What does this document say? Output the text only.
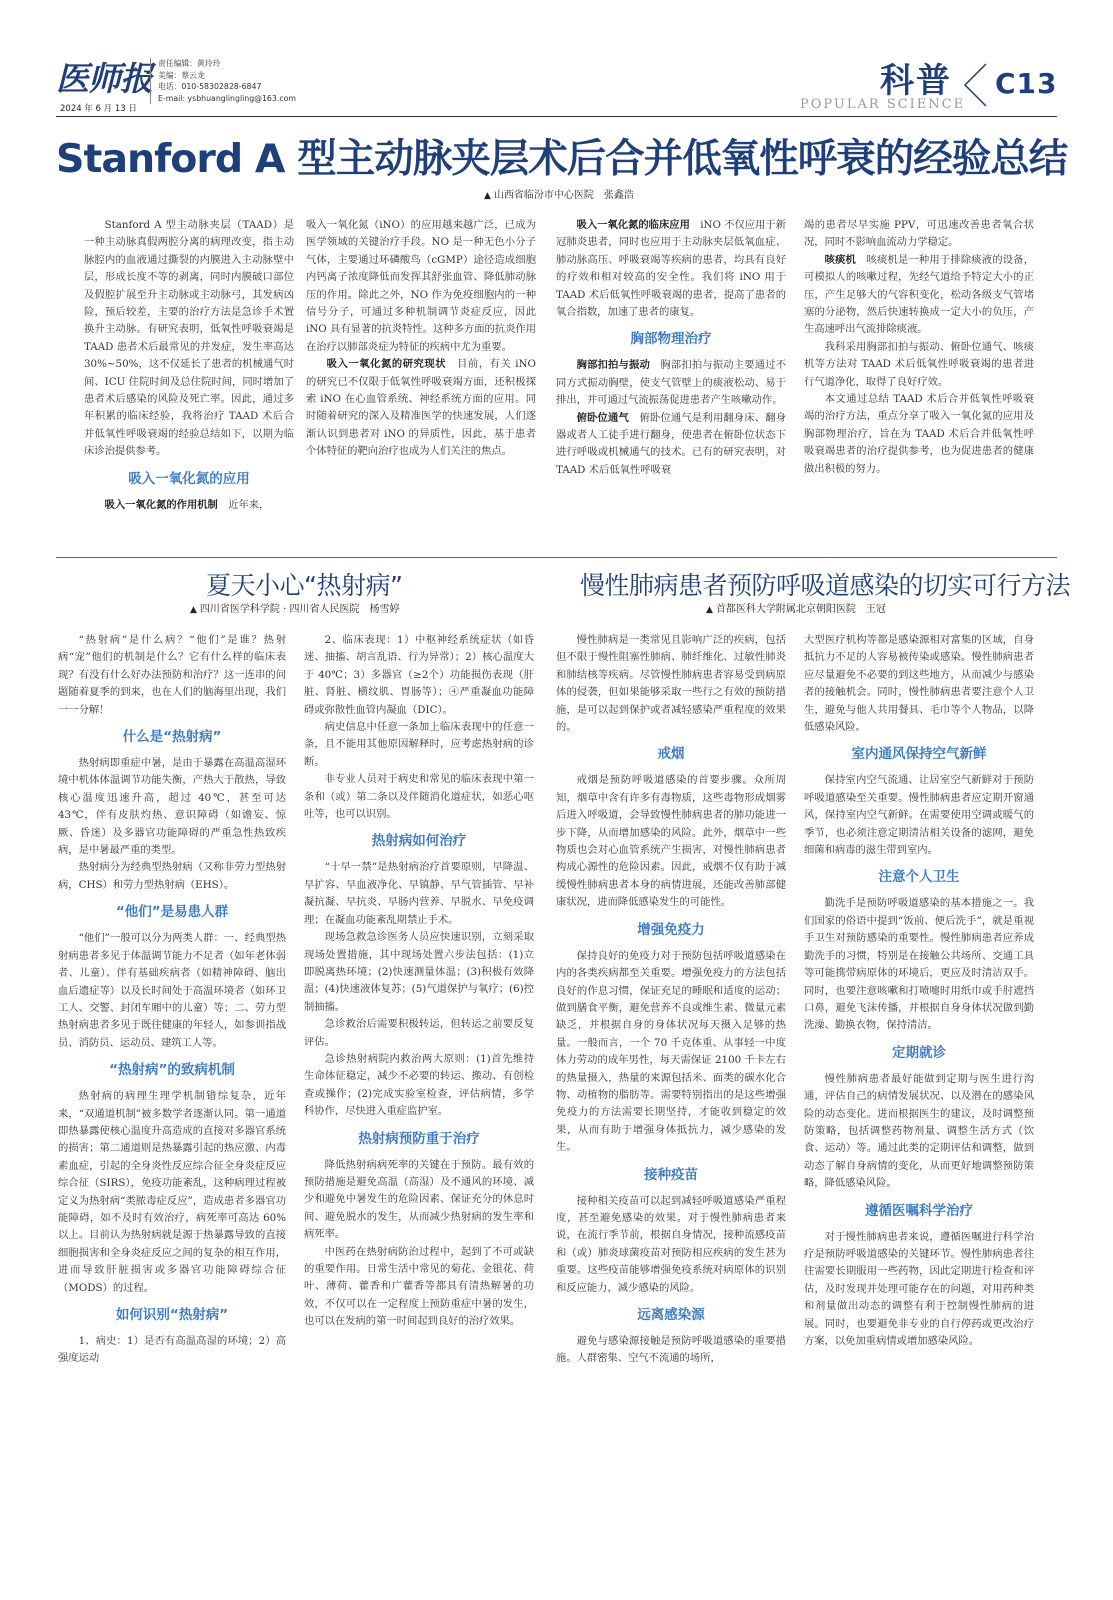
医师报
2024 年 6 月 13 日
责任编辑：黄玲玲
美编：蔡云龙
电话：010-58302828-6847
E-mail: ysbhuanglingling@163.com	科普
POPULAR SCIENCE
C13
Stanford A 型主动脉夹层术后合并低氧性呼衰的经验总结
▲ 山西省临汾市中心医院　张鑫浩

Stanford A 型主动脉夹层（TAAD）是一种主动脉真假两腔分离的病理改变，指主动脉腔内的血液通过撕裂的内膜进入主动脉壁中层，形成长度不等的剥离，同时内膜破口部位及假腔扩展至升主动脉或主动脉弓，其发病凶险，预后较差，主要的治疗方法是急诊手术置换升主动脉。有研究表明，低氧性呼吸衰竭是 TAAD 患者术后最常见的并发症，发生率高达 30%~50%，这不仅延长了患者的机械通气时间、ICU 住院时间及总住院时间，同时增加了患者术后感染的风险及死亡率。因此，通过多年积累的临床经验，我将治疗 TAAD 术后合并低氧性呼吸衰竭的经验总结如下，以期为临床诊治提供参考。

吸入一氧化氮的应用

吸入一氧化氮的作用机制　近年来，

吸入一氧化氮（iNO）的应用越来越广泛，已成为医学领域的关键治疗手段。NO 是一种无色小分子气体，主要通过环磷酸鸟（cGMP）途径造成细胞内钙离子浓度降低而发挥其舒张血管、降低肺动脉压的作用。除此之外，NO 作为免疫细胞内的一种信号分子，可通过多种机制调节炎症反应，因此 iNO 具有显著的抗炎特性。这种多方面的抗炎作用在治疗以肺部炎症为特征的疾病中尤为重要。

吸入一氧化氮的研究现状　目前，有关 iNO 的研究已不仅限于低氧性呼吸衰竭方面，还积极探索 iNO 在心血管系统、神经系统方面的应用。同时随着研究的深入及精准医学的快速发展，人们逐渐认识到患者对 iNO 的异质性，因此，基于患者个体特征的靶向治疗也成为人们关注的焦点。

吸入一氧化氮的临床应用　iNO 不仅应用于新冠肺炎患者，同时也应用于主动脉夹层低氧血症、肺动脉高压、呼吸衰竭等疾病的患者，均具有良好的疗效和相对较高的安全性。我们将 iNO 用于 TAAD 术后低氧性呼吸衰竭的患者，提高了患者的氧合指数，加速了患者的康复。

胸部物理治疗

胸部扣拍与振动　胸部扣拍与振动主要通过不同方式振动胸壁，使支气管壁上的痰液松动、易于排出，并可通过气流振荡促进患者产生咳嗽动作。

俯卧位通气　俯卧位通气是利用翻身床、翻身器或者人工徒手进行翻身，使患者在俯卧位状态下进行呼吸或机械通气的技术。已有的研究表明，对 TAAD 术后低氧性呼吸衰

竭的患者尽早实施 PPV，可迅速改善患者氧合状况，同时不影响血流动力学稳定。

咳痰机　咳痰机是一种用于排除痰液的设备，可模拟人的咳嗽过程，先经气道给予特定大小的正压，产生足够大的气容积变化，松动各级支气管堵塞的分泌物，然后快速转换成一定大小的负压，产生高速呼出气流排除痰液。

我科采用胸部扣拍与振动、俯卧位通气、咳痰机等方法对 TAAD 术后低氧性呼吸衰竭的患者进行气道净化，取得了良好疗效。

本文通过总结 TAAD 术后合并低氧性呼吸衰竭的治疗方法，重点分享了吸入一氧化氮的应用及胸部物理治疗，旨在为 TAAD 术后合并低氧性呼吸衰竭患者的治疗提供参考，也为促进患者的健康做出积极的努力。

夏天小心“热射病”
▲ 四川省医学科学院 · 四川省人民医院　杨雪婷

“热射病”是什么病？“他们”是谁？热射病“宠”他们的机制是什么？它有什么样的临床表现？有没有什么好办法预防和治疗？这一连串的问题随着夏季的到来，也在人们的脑海里出现，我们一一分解！

什么是“热射病”

热射病即重症中暑，是由于暴露在高温高湿环境中机体体温调节功能失衡，产热大于散热，导致核心温度迅速升高，超过 40℃，甚至可达 43℃，伴有皮肤灼热、意识障碍（如谵妄、惊厥、昏迷）及多器官功能障碍的严重急性热致疾病，是中暑最严重的类型。

热射病分为经典型热射病（又称非劳力型热射病，CHS）和劳力型热射病（EHS）。

“他们”是易患人群

“他们”一般可以分为两类人群：一、经典型热射病患者多见于体温调节能力不足者（如年老体弱者、儿童）、伴有基础疾病者（如精神障碍、脑出血后遗症等）以及长时间处于高温环境者（如环卫工人、交警、封闭车厢中的儿童）等；二、劳力型热射病患者多见于既往健康的年轻人，如参训指战员、消防员、运动员、建筑工人等。

“热射病”的致病机制

热射病的病理生理学机制错综复杂，近年来，“双通道机制”被多数学者逐渐认同。第一通道即热暴露使核心温度升高造成的直接对多器官系统的损害；第二通道则是热暴露引起的热应激、内毒素血症，引起的全身炎性反应综合征全身炎症反应综合征（SIRS），免疫功能紊乱，这种病理过程被定义为热射病“类脓毒症反应”，造成患者多器官功能障碍，如不及时有效治疗，病死率可高达 60% 以上。目前认为热射病就是源于热暴露导致的直接细胞损害和全身炎症反应之间的复杂的相互作用，进而导致肝脏损害或多器官功能障碍综合征（MODS）的过程。

如何识别“热射病”

1、病史：1）是否有高温高湿的环境；2）高强度运动

2、临床表现：1）中枢神经系统症状（如昏迷、抽搐、胡言乱语、行为异常）；2）核心温度大于 40℃；3）多器官（≥2个）功能损伤表现（肝脏、肾脏、横纹肌、胃肠等）；④严重凝血功能障碍或弥散性血管内凝血（DIC）。

病史信息中任意一条加上临床表现中的任意一条，且不能用其他原因解释时，应考虑热射病的诊断。

非专业人员对于病史和常见的临床表现中第一条和（或）第二条以及伴随消化道症状，如恶心呕吐等，也可以识别。

热射病如何治疗

“十早一禁”是热射病治疗首要原则，早降温、早扩容、早血液净化、早镇静、早气管插管、早补凝抗凝、早抗炎、早肠内营养、早脱水、早免疫调理；在凝血功能紊乱期禁止手术。

现场急救急诊医务人员应快速识别，立刻采取现场处置措施，其中现场处置六步法包括：(1)立即脱离热环境；(2)快速测量体温；(3)积极有效降温；(4)快速液体复苏；(5)气道保护与氧疗；(6)控制抽搐。

急诊救治后需要积极转运，但转运之前要反复评估。

急诊热射病院内救治两大原则：(1)首先维持生命体征稳定，减少不必要的转运、搬动、有创检查或操作；(2)完成实验室检查，评估病情，多学科协作，尽快进入重症监护室。

热射病预防重于治疗

降低热射病病死率的关键在于预防。最有效的预防措施是避免高温（高湿）及不通风的环境、减少和避免中暑发生的危险因素、保证充分的休息时间、避免脱水的发生，从而减少热射病的发生率和病死率。

中医药在热射病防治过程中，起到了不可或缺的重要作用。日常生活中常见的菊花、金银花、荷叶、薄荷、藿香和广藿香等都具有清热解暑的功效，不仅可以在一定程度上预防重症中暑的发生，也可以在发病的第一时间起到良好的治疗效果。

慢性肺病患者预防呼吸道感染的切实可行方法
▲ 首都医科大学附属北京朝阳医院　王冠

慢性肺病是一类常见且影响广泛的疾病，包括但不限于慢性阻塞性肺病、肺纤维化、过敏性肺炎和肺结核等疾病。尽管慢性肺病患者容易受到病原体的侵袭，但如果能够采取一些行之有效的预防措施，是可以起到保护或者减轻感染严重程度的效果的。

戒烟

戒烟是预防呼吸道感染的首要步骤。众所周知，烟草中含有许多有毒物质，这些毒物形成烟雾后进入呼吸道，会导致慢性肺病患者的肺功能进一步下降，从而增加感染的风险。此外，烟草中一些物质也会对心血管系统产生损害，对慢性肺病患者构成心源性的危险因素。因此，戒烟不仅有助于减缓慢性肺病患者本身的病情进展，还能改善肺部健康状况，进而降低感染发生的可能性。

增强免疫力

保持良好的免疫力对于预防包括呼吸道感染在内的各类疾病都至关重要。增强免疫力的方法包括良好的作息习惯，保证充足的睡眠和适度的运动；做到膳食平衡，避免营养不良或维生素、微量元素缺乏，并根据自身的身体状况每天摄入足够的热量。一般而言，一个 70 千克体重、从事轻一中度体力劳动的成年男性，每天需保证 2100 千卡左右的热量摄入，热量的来源包括米、面类的碳水化合物、动植物的脂肪等。需要特别指出的是这些增强免疫力的方法需要长期坚持，才能收到稳定的效果，从而有助于增强身体抵抗力，减少感染的发生。

接种疫苗

接种相关疫苗可以起到减轻呼吸道感染严重程度，甚至避免感染的效果。对于慢性肺病患者来说，在流行季节前，根据自身情况，接种流感疫苗和（或）肺炎球菌疫苗对预防相应疾病的发生甚为重要。这些疫苗能够增强免疫系统对病原体的识别和反应能力，减少感染的风险。

远离感染源

避免与感染源接触是预防呼吸道感染的重要措施。人群密集、空气不流通的场所，

大型医疗机构等都是感染源相对富集的区域，自身抵抗力不足的人容易被传染或感染。慢性肺病患者应尽量避免不必要的到这些地方，从而减少与感染者的接触机会。同时，慢性肺病患者要注意个人卫生，避免与他人共用餐具、毛巾等个人物品，以降低感染风险。

室内通风保持空气新鲜

保持室内空气流通、让居室空气新鲜对于预防呼吸道感染至关重要。慢性肺病患者应定期开窗通风，保持室内空气新鲜。在需要使用空调或暖气的季节，也必须注意定期清洁相关设备的滤网，避免细菌和病毒的滋生带到室内。

注意个人卫生

勤洗手是预防呼吸道感染的基本措施之一。我们国家的俗语中提到“饭前、便后洗手”，就是重视手卫生对预防感染的重要性。慢性肺病患者应养成勤洗手的习惯，特别是在接触公共场所、交通工具等可能携带病原体的环境后，更应及时清洁双手。同时，也要注意咳嗽和打喷嚏时用纸巾或手肘遮挡口鼻，避免飞沫传播，并根据自身身体状况做到勤洗澡、勤换衣物，保持清洁。

定期就诊

慢性肺病患者最好能做到定期与医生进行沟通，评估自己的病情发展状况、以及潜在的感染风险的动态变化。进而根据医生的建议，及时调整预防策略，包括调整药物剂量、调整生活方式（饮食、运动）等。通过此类的定期评估和调整，做到动态了解自身病情的变化，从而更好地调整预防策略，降低感染风险。

遵循医嘱科学治疗

对于慢性肺病患者来说，遵循医嘱进行科学治疗是预防呼吸道感染的关键环节。慢性肺病患者往往需要长期服用一些药物，因此定期进行检查和评估，及时发现并处理可能存在的问题，对用药种类和剂量做出动态的调整有利于控制慢性肺病的进展。同时，也要避免非专业的自行停药或更改治疗方案，以免加重病情或增加感染风险。
